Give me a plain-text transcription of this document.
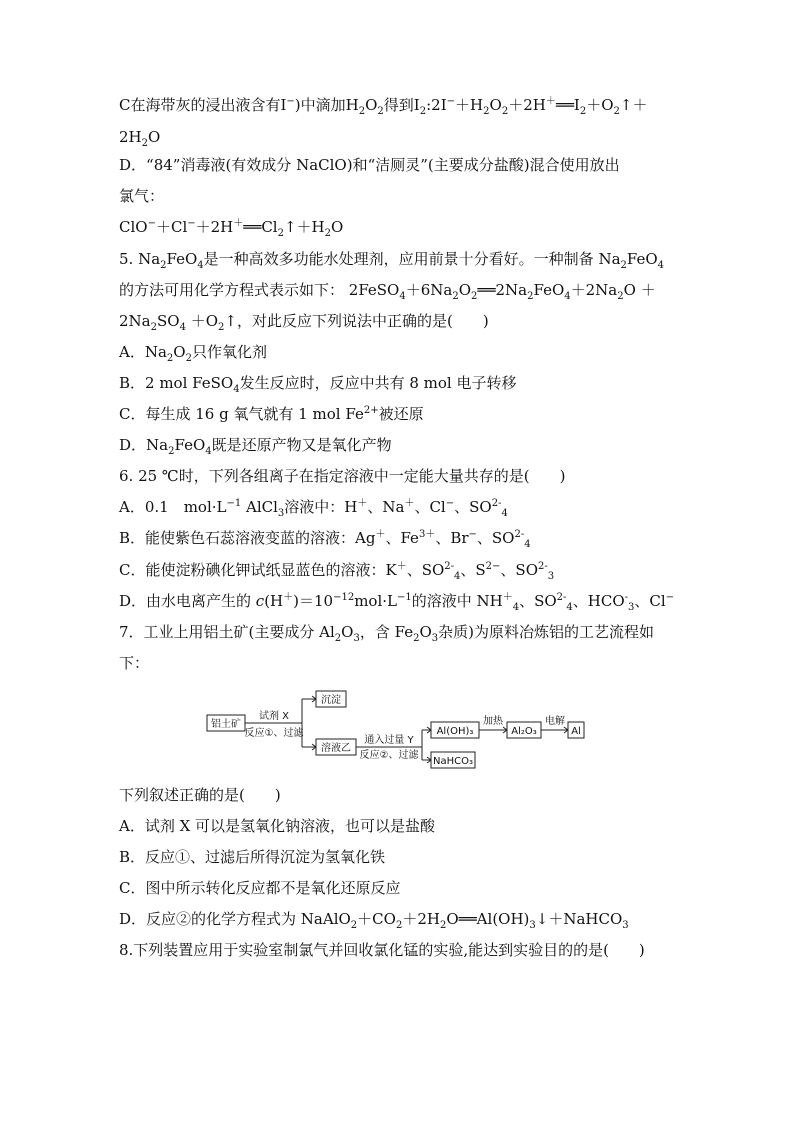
C在海带灰的浸出液含有I−)中滴加$H_2O_2$得到$I_2:2I^-+H_2O_2+2H^+══I_2+O_2↑+$
$2H_2O$
D．“84”消毒液(有效成分 NaClO)和“洁厕灵”(主要成分盐酸)混合使用放出
氯气：
$ClO^-+Cl^-+2H^+══Cl_2↑+H_2O$
5. $Na_2FeO_4$是一种高效多功能水处理剂，应用前景十分看好。一种制备 $Na_2FeO_4$
的方法可用化学方程式表示如下： $2FeSO_4+6Na_2O_2══2Na_2FeO_4+2Na_2O$ ＋
$2Na_2SO_4$ $+O_2↑$，对此反应下列说法中正确的是(　　)
A．$Na_2O_2$只作氧化剂
B．2 mol FeSO$_4$发生反应时，反应中共有 8 mol 电子转移
C．每生成 16 g 氧气就有 1 mol $Fe^{2+}$被还原
D．$Na_2FeO_4$既是还原产物又是氧化产物
6. 25 ℃时，下列各组离子在指定溶液中一定能大量共存的是(　　)
A．0.1　$mol\cdot L^{-1}$ AlCl$_3$溶液中：H＋、Na＋、Cl−、$SO^{2-}_4$
B．能使紫色石蕊溶液变蓝的溶液：Ag＋、$Fe^{3+}$、Br−、$SO^{2-}_4$
C．能使淀粉碘化钾试纸显蓝色的溶液：K＋、$SO^{2-}_4$、$S^{2-}$、$SO^{2-}_3$
D．由水电离产生的 $c(H^+)=10^{-12}mol\cdot L^{-1}$的溶液中 $NH^+_4$、$SO^{2-}_4$、$HCO^-_3$、Cl−
7．工业上用铝土矿(主要成分 $Al_2O_3$，含 $Fe_2O_3$杂质)为原料冶炼铝的工艺流程如
下：
铝土矿
试剂 X
反应①、过滤
沉淀
溶液乙
通入过量 Y
反应②、过滤
Al(OH)₃
NaHCO₃
加热
Al₂O₃
电解
Al
下列叙述正确的是(　　)
A．试剂 X 可以是氢氧化钠溶液，也可以是盐酸
B．反应①、过滤后所得沉淀为氢氧化铁
C．图中所示转化反应都不是氧化还原反应
D．反应②的化学方程式为 $NaAlO_2+CO_2+2H_2O══Al(OH)_3↓+NaHCO_3$
8.下列装置应用于实验室制氯气并回收氯化锰的实验,能达到实验目的的是(　　)
